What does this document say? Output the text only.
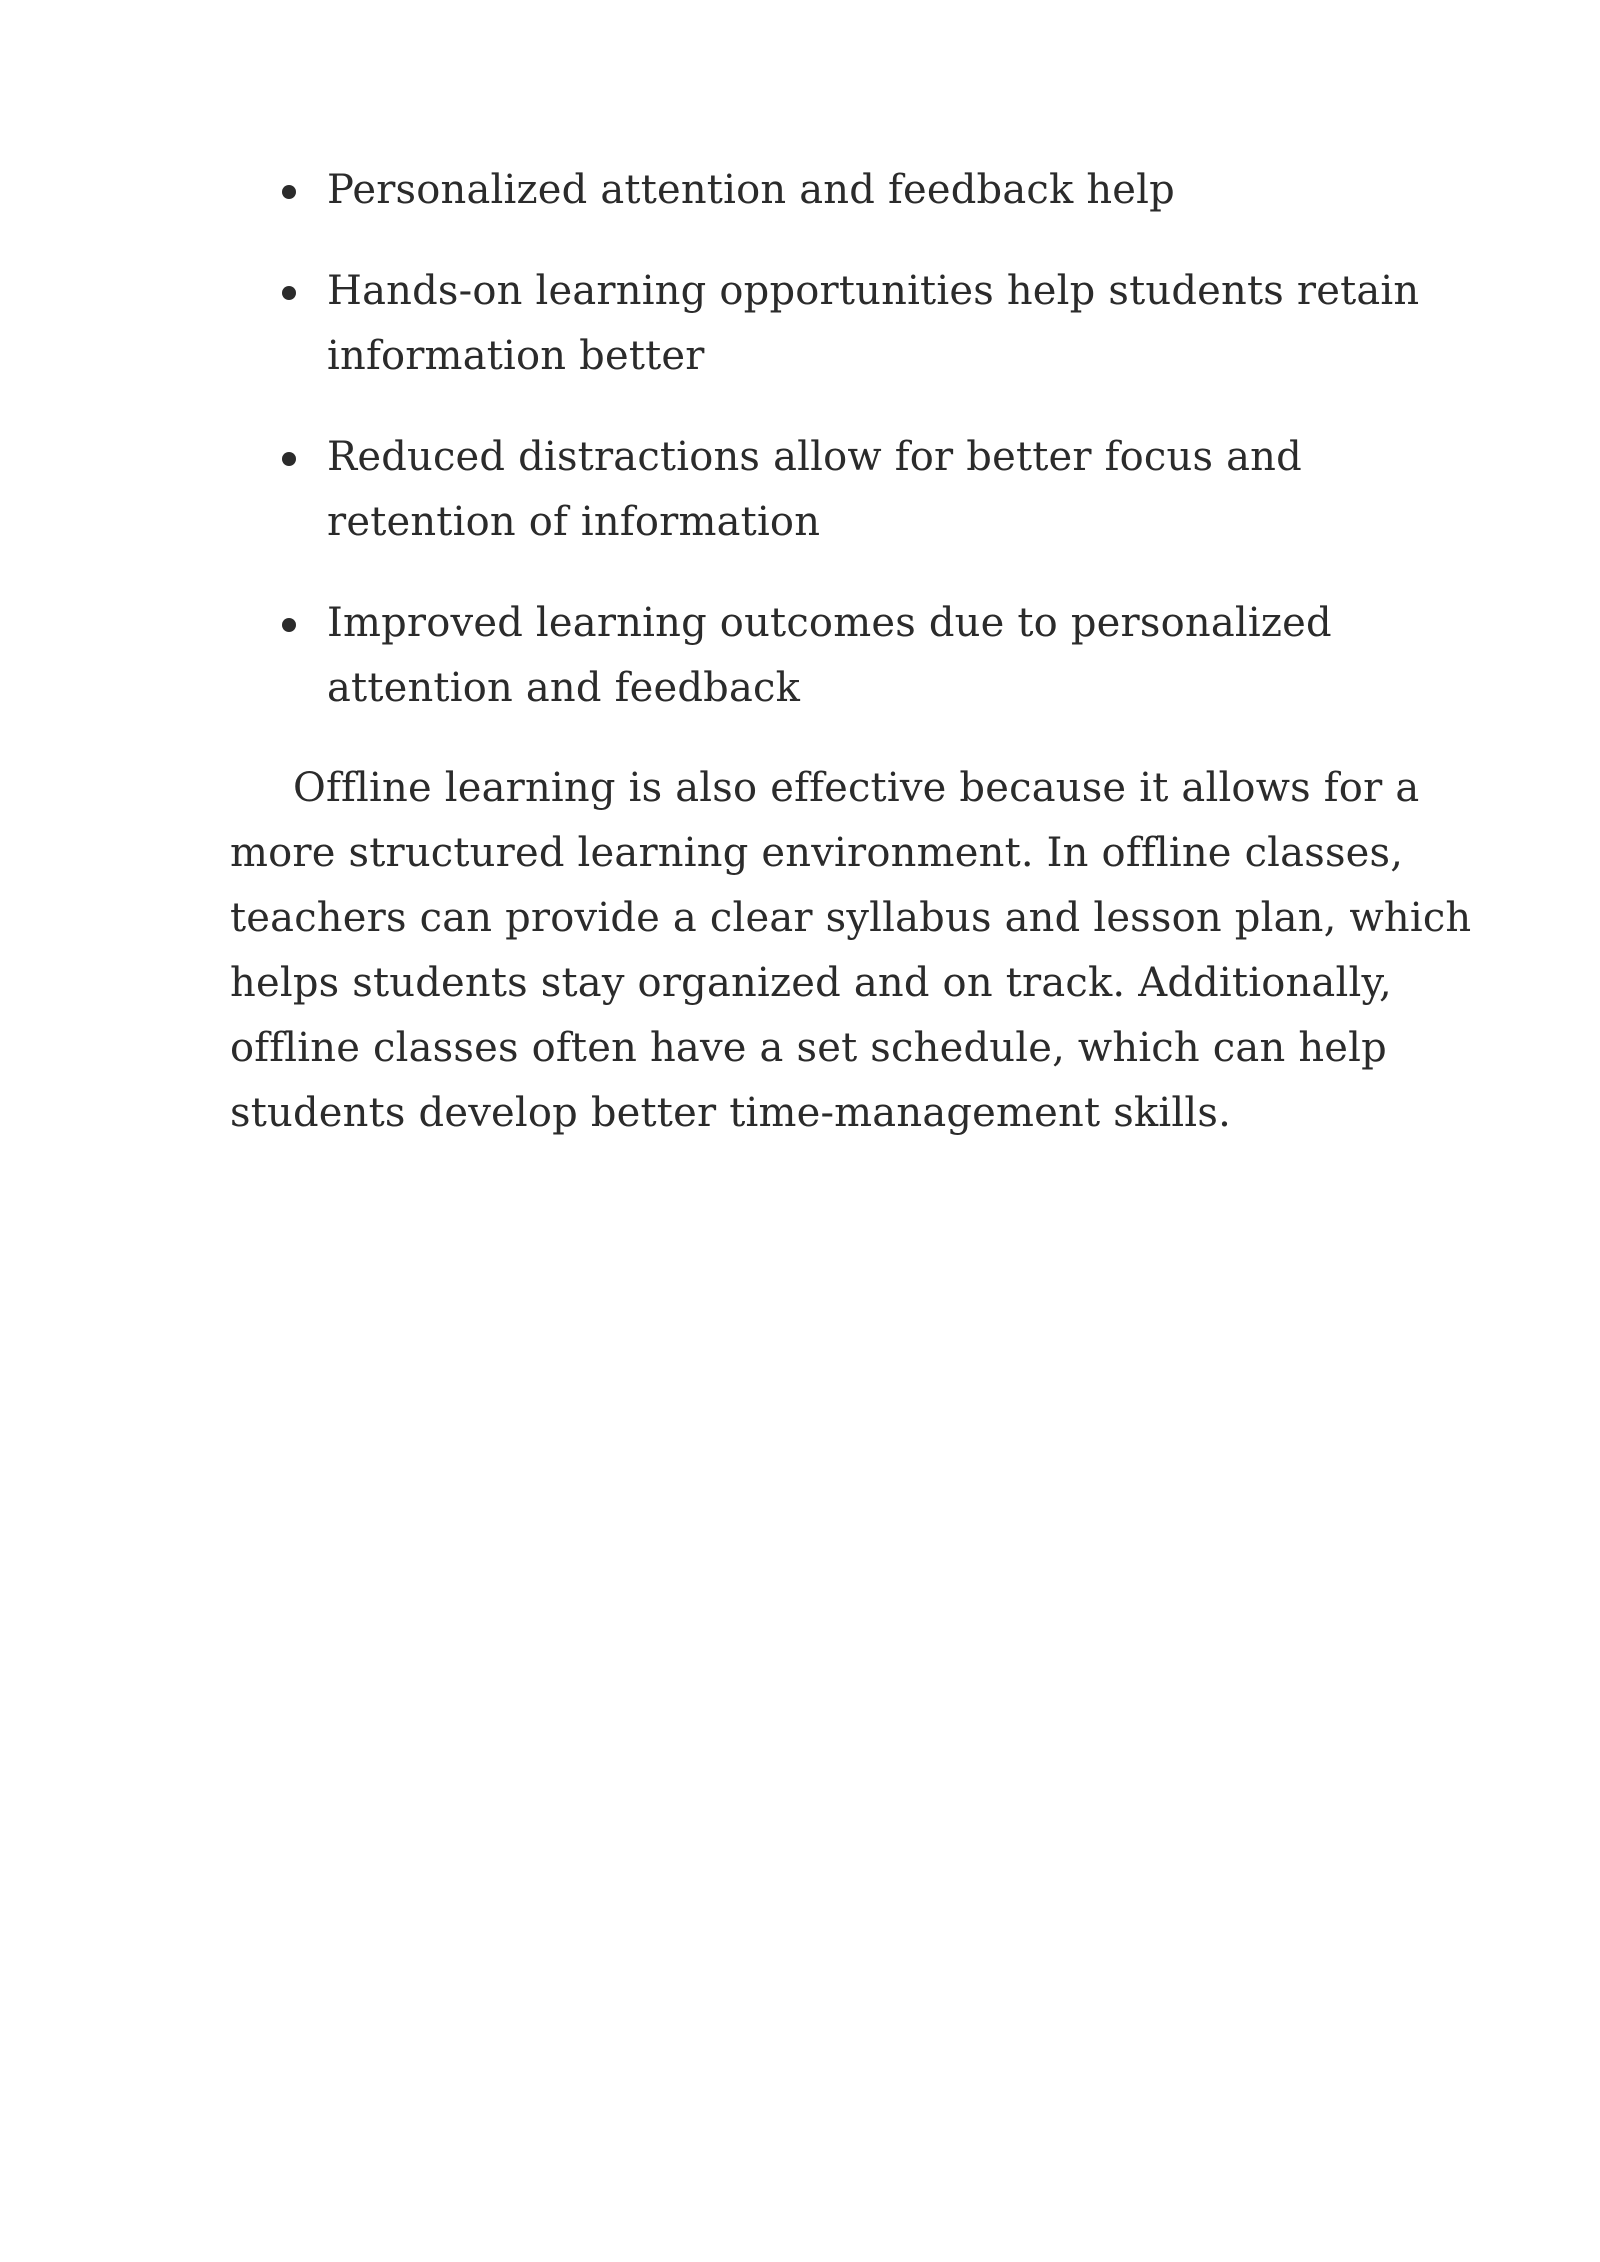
Personalized attention and feedback help
Hands-on learning opportunities help students retain information better
Reduced distractions allow for better focus and retention of information
Improved learning outcomes due to personalized attention and feedback

Offline learning is also effective because it allows for a more structured learning environment. In offline classes, teachers can provide a clear syllabus and lesson plan, which helps students stay organized and on track. Additionally, offline classes often have a set schedule, which can help students develop better time-management skills.
